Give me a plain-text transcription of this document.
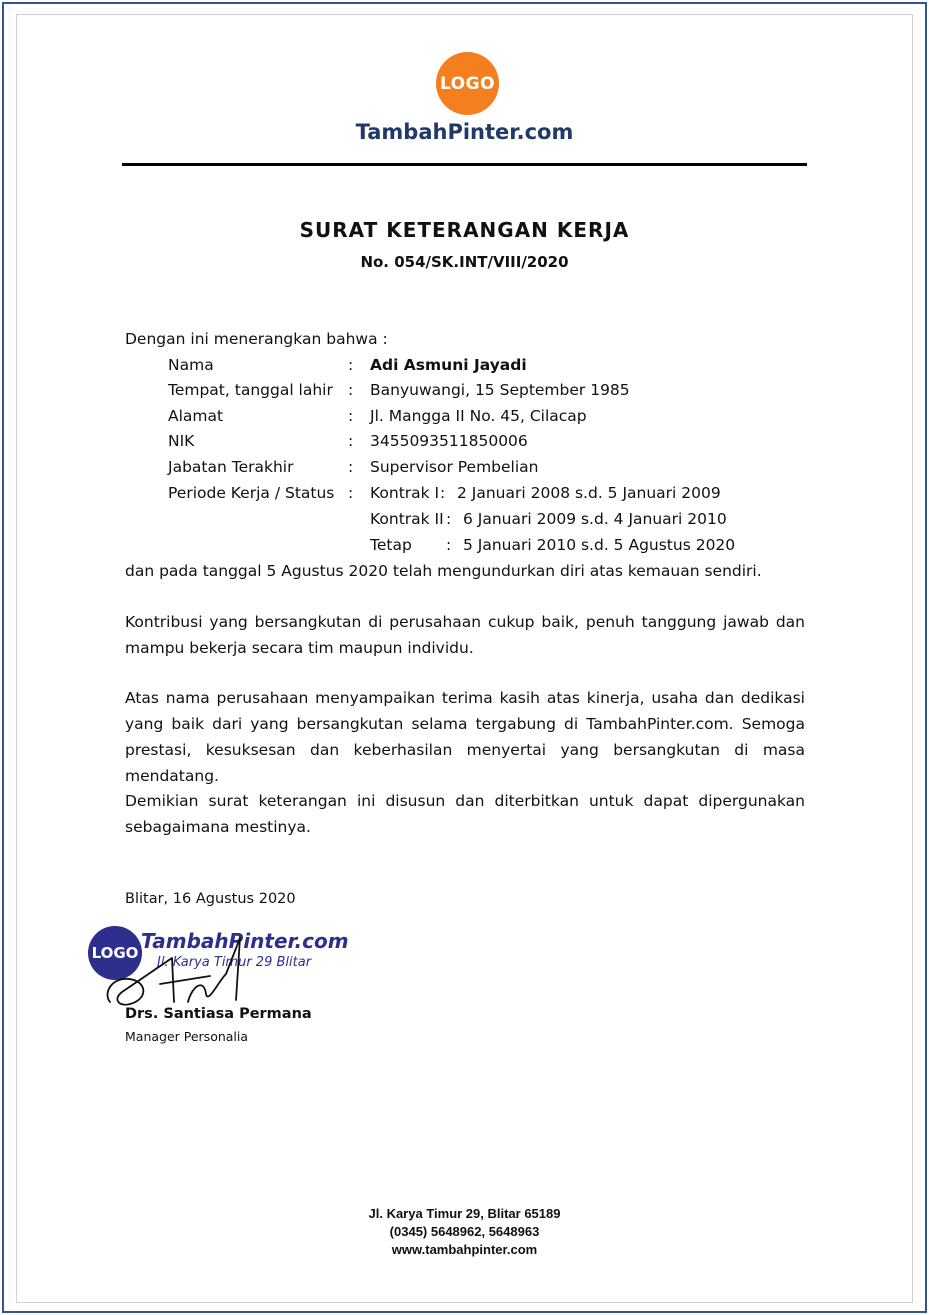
LOGO
TambahPinter.com
SURAT KETERANGAN KERJA
No. 054/SK.INT/VIII/2020
Dengan ini menerangkan bahwa :
Nama	: Adi Asmuni Jayadi
Tempat, tanggal lahir : Banyuwangi, 15 September 1985
Alamat	: Jl. Mangga II No. 45, Cilacap
NIK	: 3455093511850006
Jabatan Terakhir	: Supervisor Pembelian
Periode Kerja / Status : Kontrak I : 2 Januari 2008 s.d. 5 Januari 2009
Kontrak II : 6 Januari 2009 s.d. 4 Januari 2010
Tetap : 5 Januari 2010 s.d. 5 Agustus 2020
dan pada tanggal 5 Agustus 2020 telah mengundurkan diri atas kemauan sendiri.
Kontribusi yang bersangkutan di perusahaan cukup baik, penuh tanggung jawab dan mampu bekerja secara tim maupun individu.
Atas nama perusahaan menyampaikan terima kasih atas kinerja, usaha dan dedikasi yang baik dari yang bersangkutan selama tergabung di TambahPinter.com. Semoga prestasi, kesuksesan dan keberhasilan menyertai yang bersangkutan di masa mendatang.
Demikian surat keterangan ini disusun dan diterbitkan untuk dapat dipergunakan sebagaimana mestinya.
Blitar, 16 Agustus 2020
LOGO TambahPinter.com
Jl. Karya Timur 29 Blitar
Drs. Santiasa Permana
Manager Personalia
Jl. Karya Timur 29, Blitar 65189
(0345) 5648962, 5648963
www.tambahpinter.com
